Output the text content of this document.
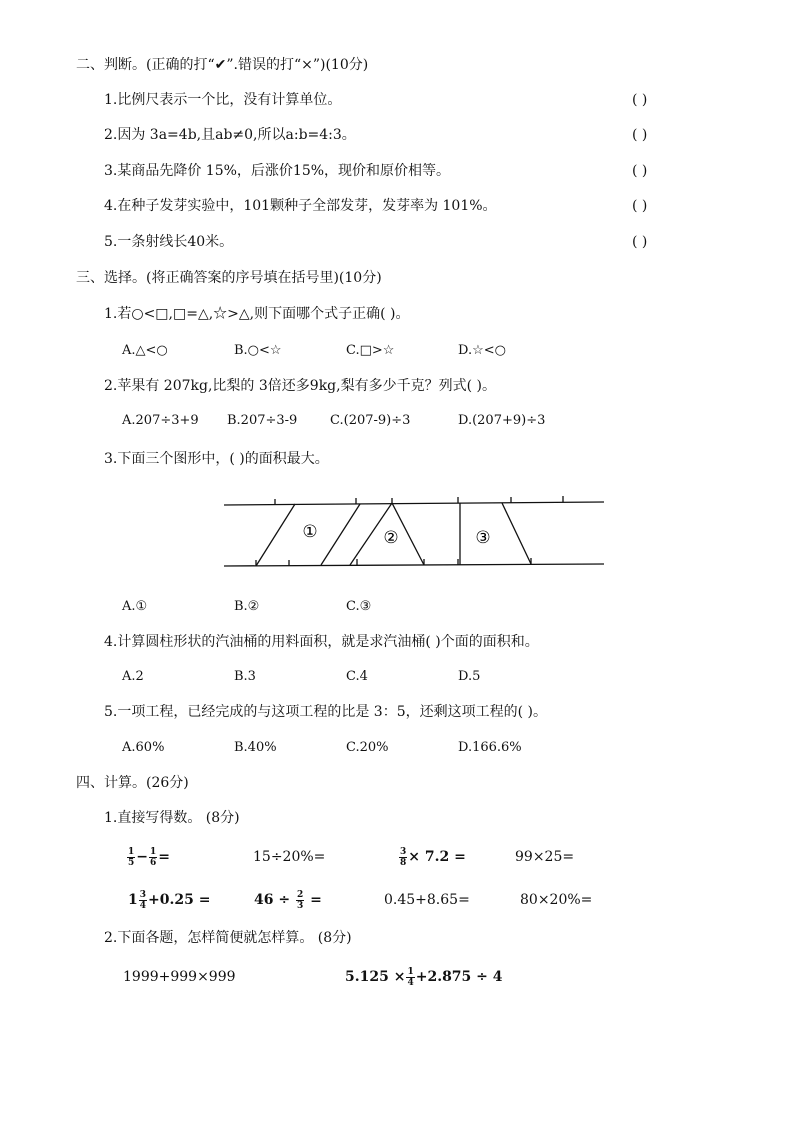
二、判断。(正确的打“✔”.错误的打“×”)(10分)
1.比例尺表示一个比，没有计算单位。	( )
2.因为 3a=4b,且ab≠0,所以a:b=4:3。	( )
3.某商品先降价 15%，后涨价15%，现价和原价相等。	( )
4.在种子发芽实验中，101颗种子全部发芽，发芽率为 101%。	( )
5.一条射线长40米。	( )
三、选择。(将正确答案的序号填在括号里)(10分)
1.若○<□,□=△,☆>△,则下面哪个式子正确( )。
A.△<○	B.○<☆	C.□>☆	D.☆<○
2.苹果有 207kg,比梨的 3倍还多9kg,梨有多少千克？列式( )。
A.207÷3+9 B.207÷3-9	C.(207-9)÷3	D.(207+9)÷3
3.下面三个图形中，( )的面积最大。
①	②	③
A.①	B.②	C.③
4.计算圆柱形状的汽油桶的用料面积，就是求汽油桶( )个面的面积和。
A.2	B.3	C.4	D.5
5.一项工程，已经完成的与这项工程的比是 3：5，还剩这项工程的( )。
A.60%	B.40%	C.20%	D.166.6%
四、计算。(26分)
1.直接写得数。 (8分)
$\frac{1}{5} - \frac{1}{6}$ =	15÷20%=	$\frac{3}{8} \times 7.2$ =	99×25=
$1 \frac{3}{4} +0.25$ =	$46 \div \frac{2}{3}$ =	0.45+8.65=	80×20%=
2.下面各题，怎样简便就怎样算。 (8分)
1999+999×999	$5.125 \times \frac{1}{4} +2.875 \div 4$
